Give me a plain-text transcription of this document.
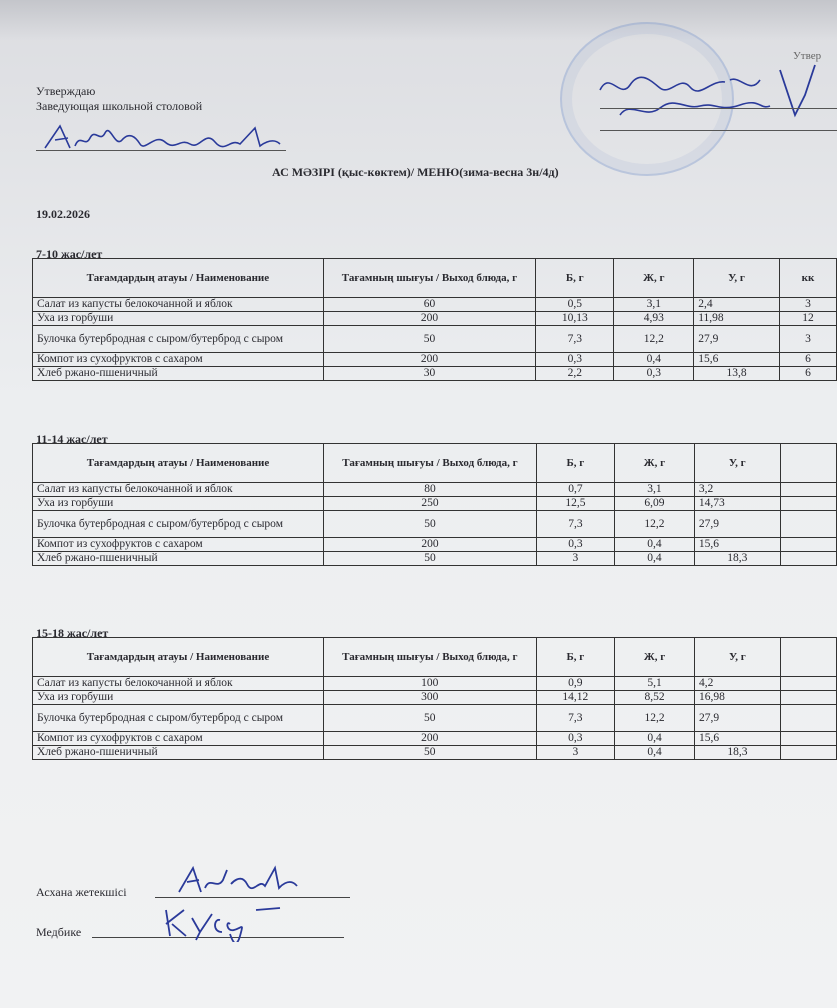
Утвер
Утверждаю
Заведующая школьной столовой
АС МӘЗІРІ (қыс-көктем)/ МЕНЮ(зима-весна 3н/4д)
19.02.2026
7-10 жас/лет
Тағамдардың атауы / Наименование	Тағамның шығуы / Выход блюда, г	Б, г	Ж, г	У, г	кк
Салат из капусты белокочанной и яблок	60	0,5	3,1	2,4	3
Уха из горбуши	200	10,13	4,93	11,98	12
Булочка бутербродная с сыром/бутерброд с сыром	50	7,3	12,2	27,9	3
Компот из сухофруктов с сахаром	200	0,3	0,4	15,6	6
Хлеб ржано-пшеничный	30	2,2	0,3	13,8	6
11-14 жас/лет
Тағамдардың атауы / Наименование	Тағамның шығуы / Выход блюда, г	Б, г	Ж, г	У, г	
Салат из капусты белокочанной и яблок	80	0,7	3,1	3,2	
Уха из горбуши	250	12,5	6,09	14,73	
Булочка бутербродная с сыром/бутерброд с сыром	50	7,3	12,2	27,9	
Компот из сухофруктов с сахаром	200	0,3	0,4	15,6	
Хлеб ржано-пшеничный	50	3	0,4	18,3	
15-18 жас/лет
Тағамдардың атауы / Наименование	Тағамның шығуы / Выход блюда, г	Б, г	Ж, г	У, г	
Салат из капусты белокочанной и яблок	100	0,9	5,1	4,2	
Уха из горбуши	300	14,12	8,52	16,98	
Булочка бутербродная с сыром/бутерброд с сыром	50	7,3	12,2	27,9	
Компот из сухофруктов с сахаром	200	0,3	0,4	15,6	
Хлеб ржано-пшеничный	50	3	0,4	18,3	
Асхана жетекшісі
Медбике
